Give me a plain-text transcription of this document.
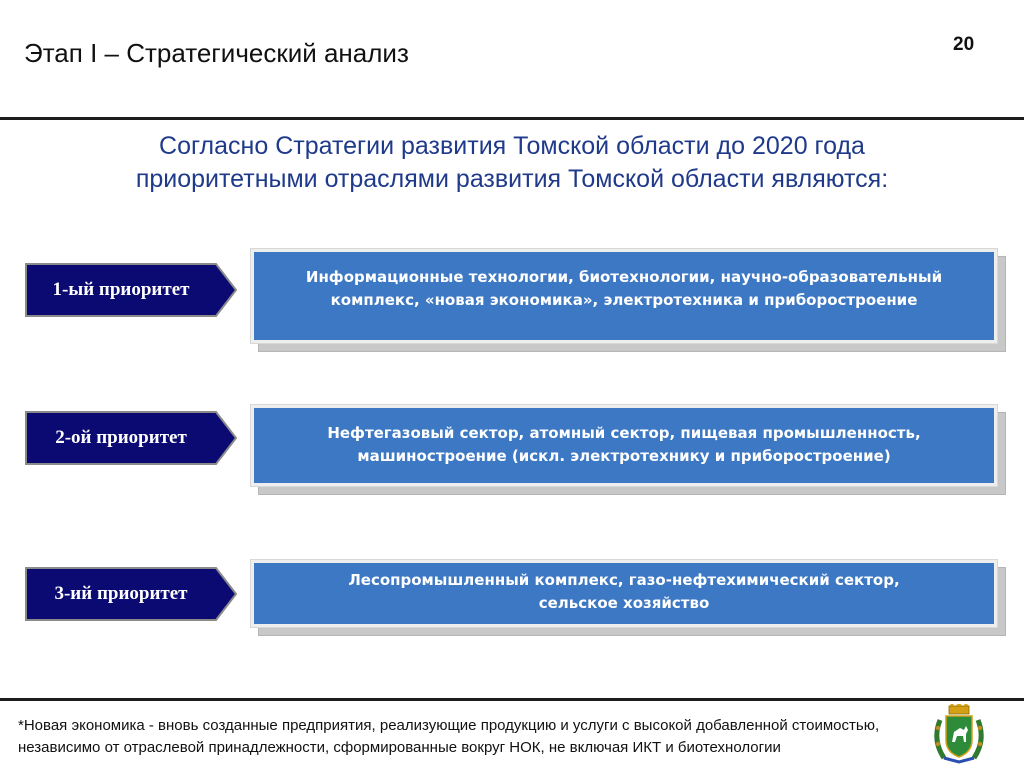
Этап I – Стратегический анализ	20
Согласно Стратегии развития Томской области до 2020 года
приоритетными отраслями развития Томской области являются:
1-ый приоритет
Информационные технологии, биотехнологии, научно-образовательный
комплекс, «новая экономика», электротехника и приборостроение
2-ой приоритет	Нефтегазовый сектор, атомный сектор, пищевая промышленность,
машиностроение (искл. электротехнику и приборостроение)
3-ий приоритет
Лесопромышленный комплекс, газо-нефтехимический сектор,
сельское хозяйство
*Новая экономика - вновь созданные предприятия, реализующие продукцию и услуги с высокой добавленной стоимостью, независимо от отраслевой принадлежности, сформированные вокруг НОК, не включая ИКТ и биотехнологии
